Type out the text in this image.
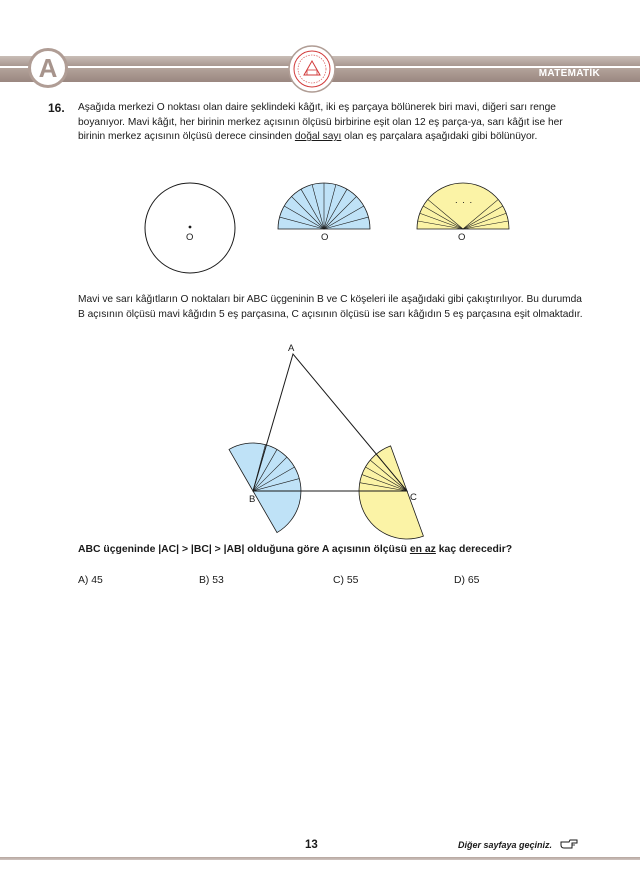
A	MATEMATİK
16. Aşağıda merkezi O noktası olan daire şeklindeki kâğıt, iki eş parçaya bölünerek biri mavi, diğeri sarı renge boyanıyor. Mavi kâğıt, her birinin merkez açısının ölçüsü birbirine eşit olan 12 eş parça-ya, sarı kâğıt ise her birinin merkez açısının ölçüsü derece cinsinden doğal sayı olan eş parçalara aşağıdaki gibi bölünüyor.
O	O
. . .
O
A
B	C
Mavi ve sarı kâğıtların O noktaları bir ABC üçgeninin B ve C köşeleri ile aşağıdaki gibi çakıştırılıyor. Bu durumda B açısının ölçüsü mavi kâğıdın 5 eş parçasına, C açısının ölçüsü ise sarı kâğıdın 5 eş parçasına eşit olmaktadır.
ABC üçgeninde |AC| > |BC| > |AB| olduğuna göre A açısının ölçüsü en az kaç derecedir?
A) 45	B) 53	C) 55	D) 65
13	Diğer sayfaya geçiniz.
